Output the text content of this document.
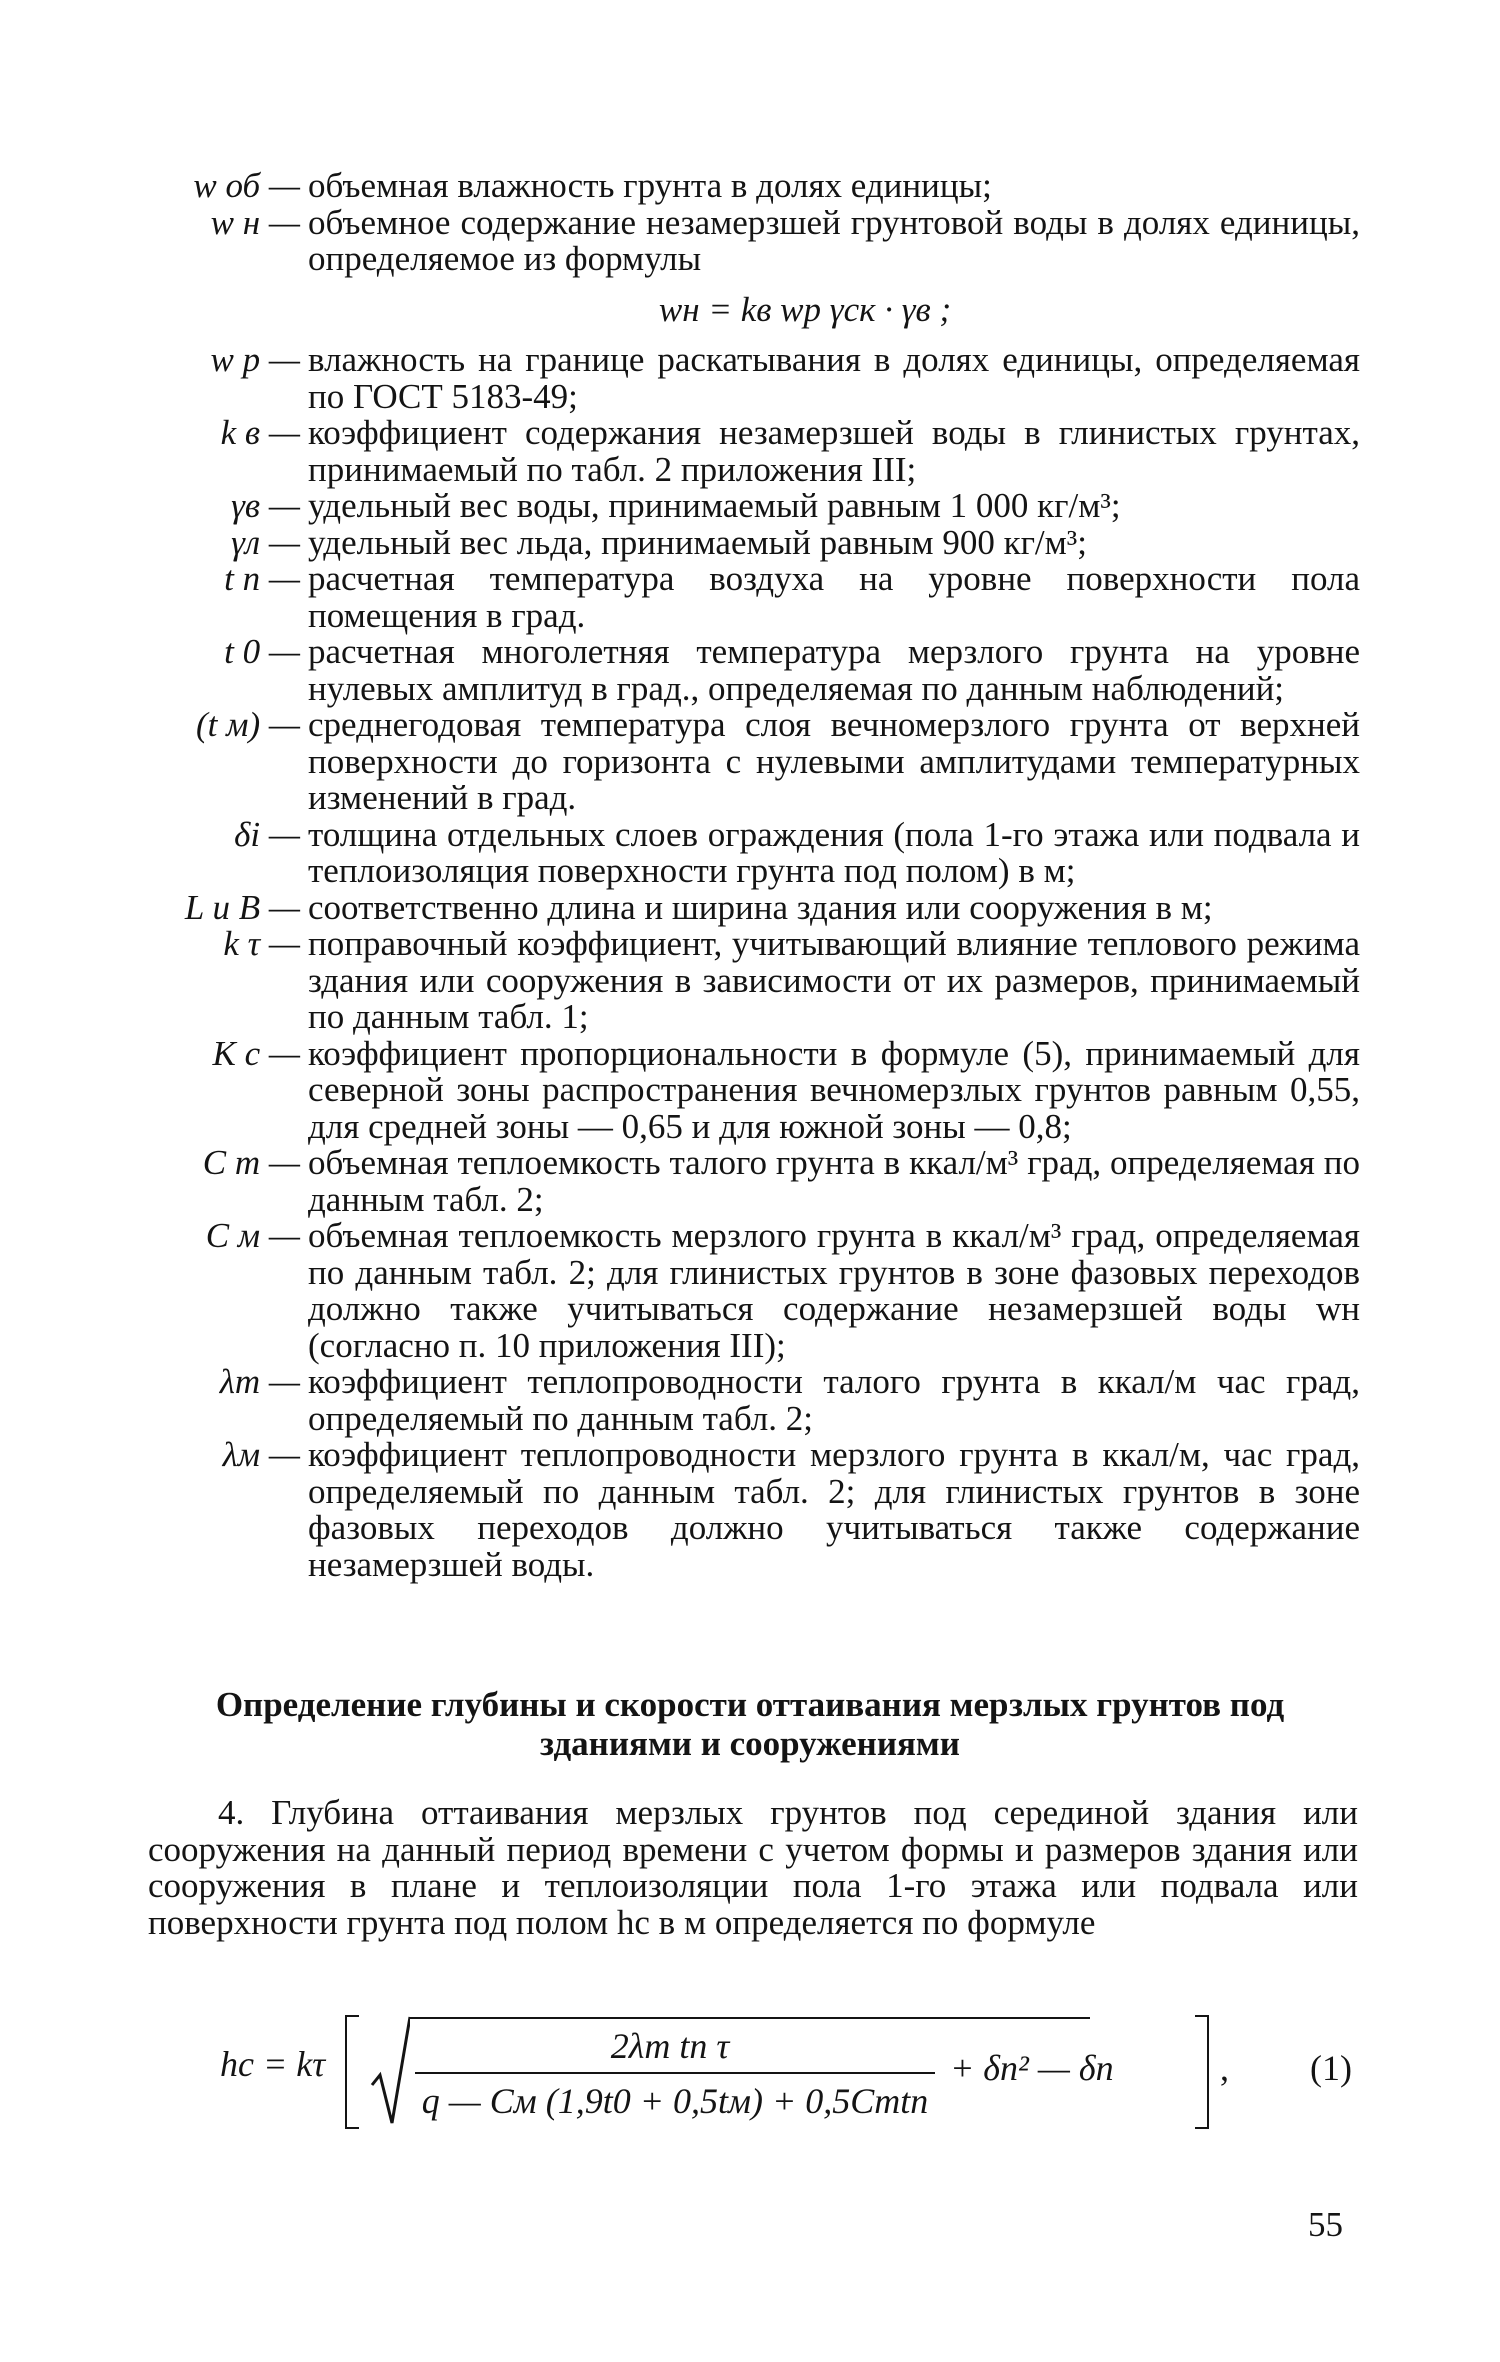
w об — объемная влажность грунта в долях единицы;
w н — объемное содержание незамерзшей грунтовой воды в долях единицы, определяемое из формулы
wн = kв wр γск · γв ;
w р — влажность на границе раскатывания в долях единицы, определяемая по ГОСТ 5183-49;
k в — коэффициент содержания незамерзшей воды в глинистых грунтах, принимаемый по табл. 2 приложения III;
γв — удельный вес воды, принимаемый равным 1 000 кг/м³;
γл — удельный вес льда, принимаемый равным 900 кг/м³;
t п — расчетная температура воздуха на уровне поверхности пола помещения в град.
t 0 — расчетная многолетняя температура мерзлого грунта на уровне нулевых амплитуд в град., определяемая по данным наблюдений;
(t м) — среднегодовая температура слоя вечномерзлого грунта от верхней поверхности до горизонта с нулевыми амплитудами температурных изменений в град.
δi — толщина отдельных слоев ограждения (пола 1-го этажа или подвала и теплоизоляция поверхности грунта под полом) в м;
L и B — соответственно длина и ширина здания или сооружения в м;
k τ — поправочный коэффициент, учитывающий влияние теплового режима здания или сооружения в зависимости от их размеров, принимаемый по данным табл. 1;
K с — коэффициент пропорциональности в формуле (5), принимаемый для северной зоны распространения вечномерзлых грунтов равным 0,55, для средней зоны — 0,65 и для южной зоны — 0,8;
C т — объемная теплоемкость талого грунта в ккал/м³ град, определяемая по данным табл. 2;
C м — объемная теплоемкость мерзлого грунта в ккал/м³ град, определяемая по данным табл. 2; для глинистых грунтов в зоне фазовых переходов должно также учитываться содержание незамерзшей воды wн (согласно п. 10 приложения III);
λт — коэффициент теплопроводности талого грунта в ккал/м час град, определяемый по данным табл. 2;
λм — коэффициент теплопроводности мерзлого грунта в ккал/м, час град, определяемый по данным табл. 2; для глинистых грунтов в зоне фазовых переходов должно учитываться также содержание незамерзшей воды.
Определение глубины и скорости оттаивания мерзлых грунтов под зданиями и сооружениями
4. Глубина оттаивания мерзлых грунтов под серединой здания или сооружения на данный период времени с учетом формы и размеров здания или сооружения в плане и теплоизоляции пола 1-го этажа или подвала или поверхности грунта под полом hс в м определяется по формуле
hс = kτ	2λт tп τ
q — Cм (1,9t0 + 0,5tм) + 0,5Cтtп
+ δп² — δп	, (1)
55
